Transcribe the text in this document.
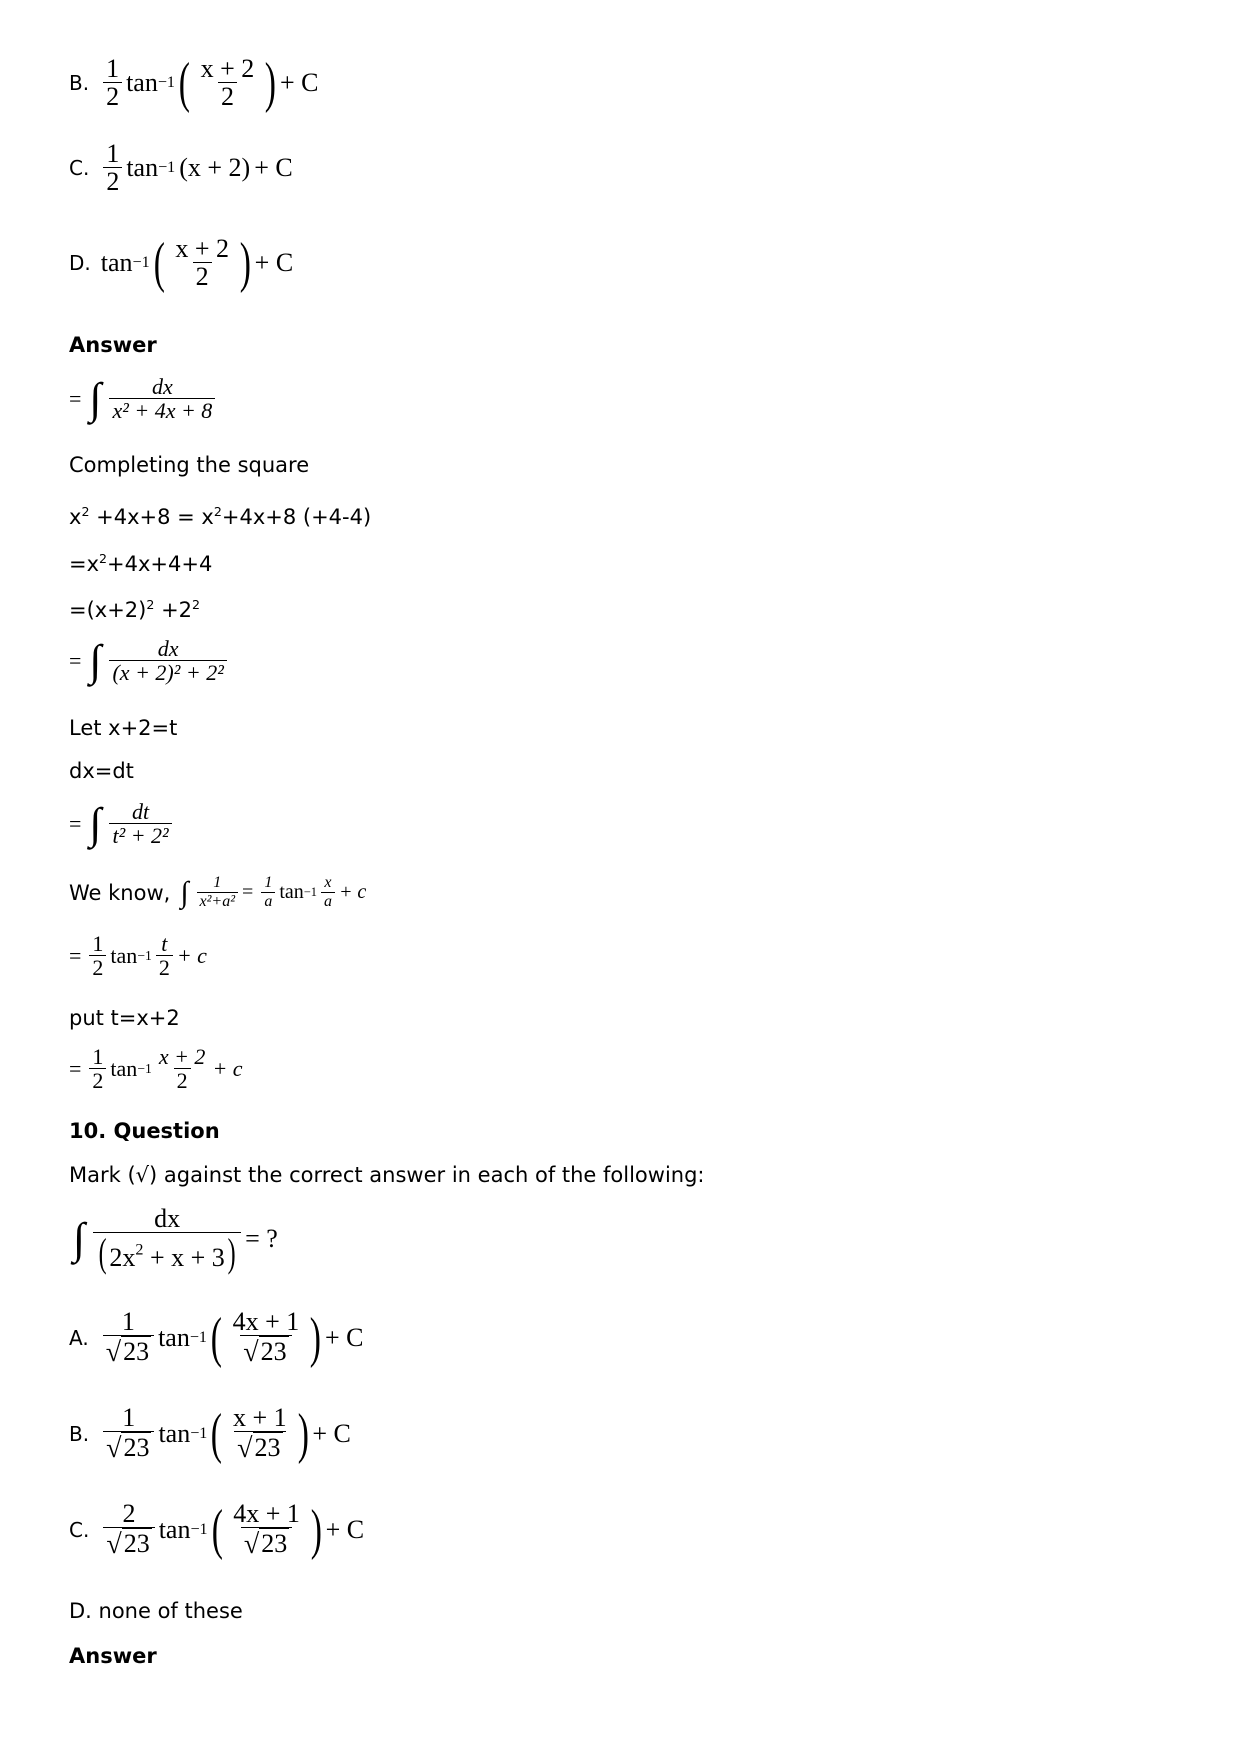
B. $\frac{1}{2}$ tan −1 ( $\frac{x + 2}{2}$ ) + C
C. $\frac{1}{2}$ tan −1 (x + 2) + C
D. tan −1 ( $\frac{x + 2}{2}$ ) + C
Answer
= ∫ $\frac{dx}{\text{x² + 4x + 8}}$
Completing the square
$x^2 +4x+8 = x^2+4x+8$ (+4-4)
$=x^2+4x+4+4$
$=(x+2)^2 +2^2$
= ∫ $\frac{dx}{\text{(x + 2)² + 2²}}$
Let x+2=t
dx=dt
= ∫ $\frac{dt}{\text{t² + 2²}}$
We know, ∫ $\frac{1}{\text{x²+a²}} = \frac{1}{a}$ $\tan -1 \frac{x}{a} + c$
= $\frac{1}{2}$ $\tan -1 \frac{t}{2} + c$
put t=x+2
= $\frac{1}{2}$ $\tan -1 \frac{x + 2}{2} + c$
10. Question
Mark (√) against the correct answer in each of the following:
∫ $\frac{dx}{( 2x^2 + x + 3)}$ = ?
A. $\frac{1}{√ 23}$ tan −1 ( $\frac{4x + 1}{√ 23}$ ) + C
B. $\frac{1}{√ 23}$ tan −1 ( $\frac{x + 1}{√ 23}$ ) + C
C. $\frac{2}{√ 23}$ tan −1 ( $\frac{4x + 1}{√ 23}$ ) + C
D. none of these
Answer
